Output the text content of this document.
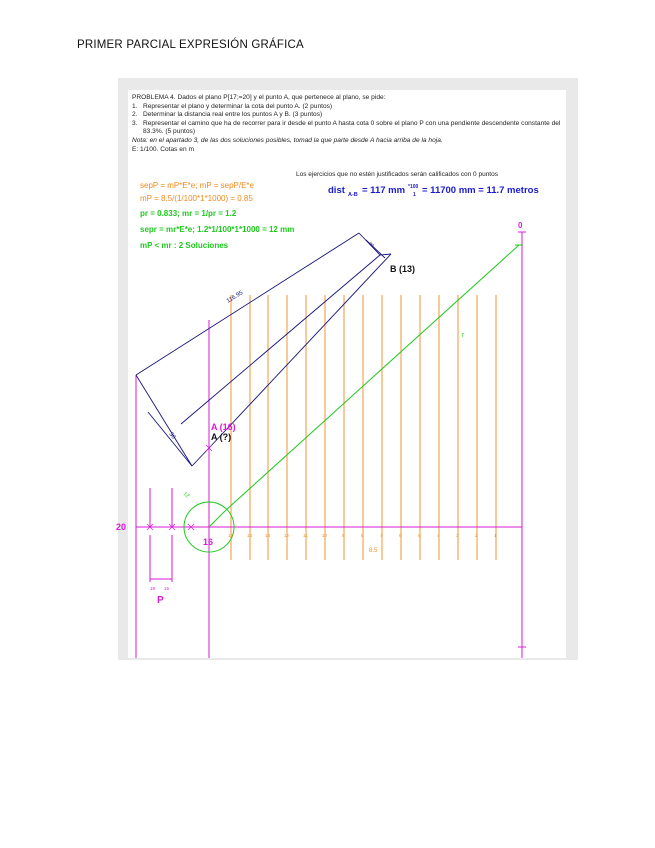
PRIMER PARCIAL EXPRESIÓN GRÁFICA
PROBLEMA 4. Dados el plano P[17;=20] y el punto A, que pertenece al plano, se pide:
1. Representar el plano y determinar la cota del punto A. (2 puntos)
2. Determinar la distancia real entre los puntos A y B. (3 puntos)
3. Representar el camino que ha de recorrer para ir desde el punto A hasta cota 0 sobre el plano P con una pendiente descendente constante del 83.3%. (5 puntos)
Nota: en el apartado 3, de las dos soluciones posibles, tomad la que parte desde A hacia arriba de la hoja.
E: 1/100. Cotas en m
Los ejercicios que no estén justificados serán calificados con 0 puntos
dist A-B = 117 mm *100
1 = 11700 mm = 11.7 metros
sepP = mP*E*e; mP = sepP/E*e
mP = 8.5/(1/100*1*1000) = 0.85
pr = 0.833; mr = 1/pr = 1.2
sepr = mr*E*e; 1.2*1/100*1*1000 = 12 mm
mP < mr : 2 Soluciones
A (16)
A (?)
B (13)
20
16
0
P
r
116.95
30
3
12
8.5
19 15
15	14	13	12	11	10	9	8	7	6	5	4	3	2	1
